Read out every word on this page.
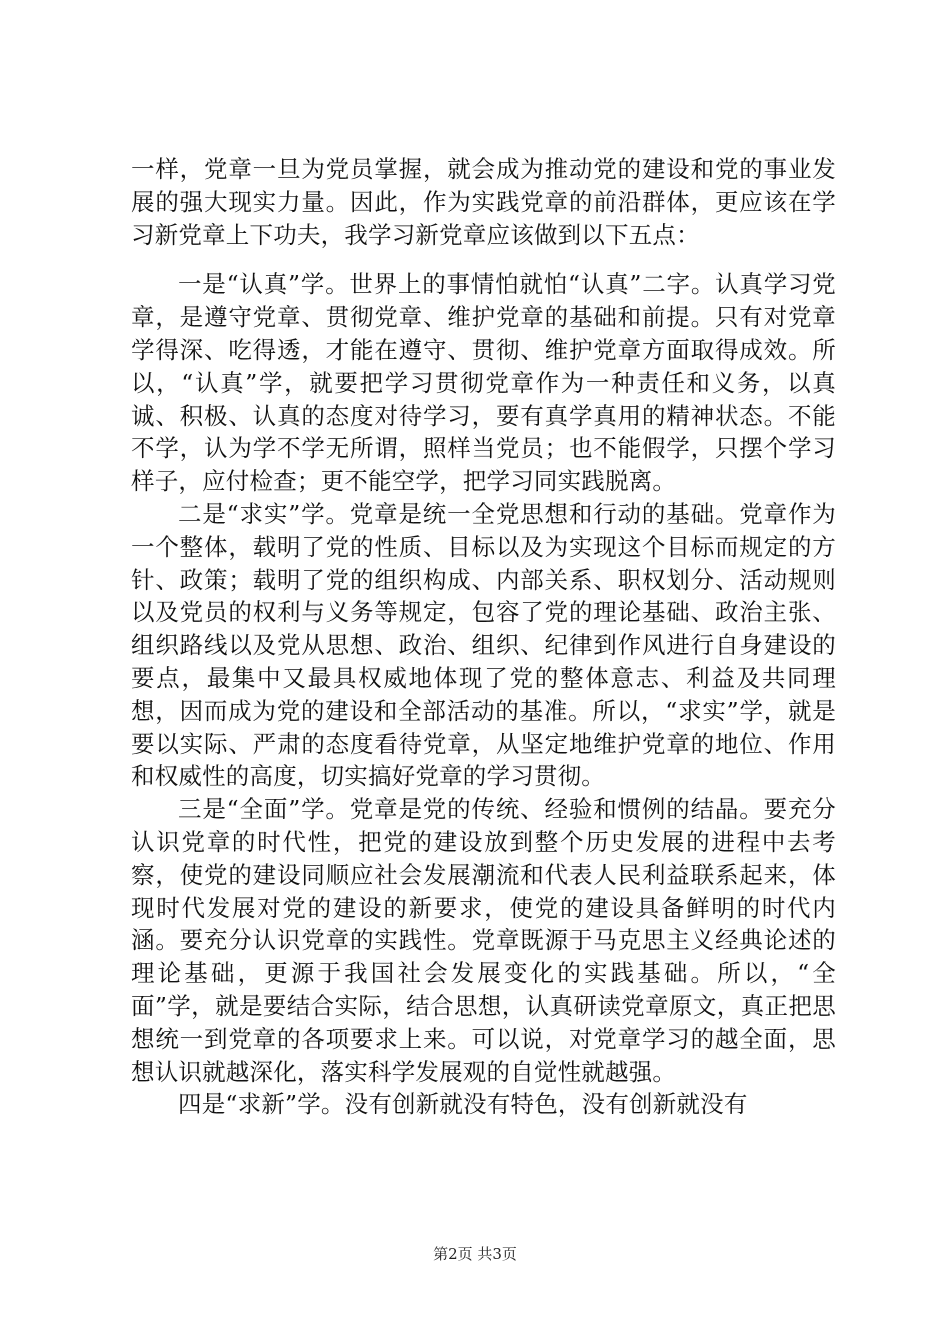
一样，党章一旦为党员掌握，就会成为推动党的建设和党的事业发展的强大现实力量。因此，作为实践党章的前沿群体，更应该在学习新党章上下功夫，我学习新党章应该做到以下五点：

一是“认真”学。世界上的事情怕就怕“认真”二字。认真学习党章，是遵守党章、贯彻党章、维护党章的基础和前提。只有对党章学得深、吃得透，才能在遵守、贯彻、维护党章方面取得成效。所以，“认真”学，就要把学习贯彻党章作为一种责任和义务，以真诚、积极、认真的态度对待学习，要有真学真用的精神状态。不能不学，认为学不学无所谓，照样当党员；也不能假学，只摆个学习样子，应付检查；更不能空学，把学习同实践脱离。

二是“求实”学。党章是统一全党思想和行动的基础。党章作为一个整体，载明了党的性质、目标以及为实现这个目标而规定的方针、政策；载明了党的组织构成、内部关系、职权划分、活动规则以及党员的权利与义务等规定，包容了党的理论基础、政治主张、组织路线以及党从思想、政治、组织、纪律到作风进行自身建设的要点，最集中又最具权威地体现了党的整体意志、利益及共同理想，因而成为党的建设和全部活动的基准。所以，“求实”学，就是要以实际、严肃的态度看待党章，从坚定地维护党章的地位、作用和权威性的高度，切实搞好党章的学习贯彻。

三是“全面”学。党章是党的传统、经验和惯例的结晶。要充分认识党章的时代性，把党的建设放到整个历史发展的进程中去考察，使党的建设同顺应社会发展潮流和代表人民利益联系起来，体现时代发展对党的建设的新要求，使党的建设具备鲜明的时代内涵。要充分认识党章的实践性。党章既源于马克思主义经典论述的理论基础，更源于我国社会发展变化的实践基础。所以，“全面”学，就是要结合实际，结合思想，认真研读党章原文，真正把思想统一到党章的各项要求上来。可以说，对党章学习的越全面，思想认识就越深化，落实科学发展观的自觉性就越强。

四是“求新”学。没有创新就没有特色，没有创新就没有

第2页 共3页
